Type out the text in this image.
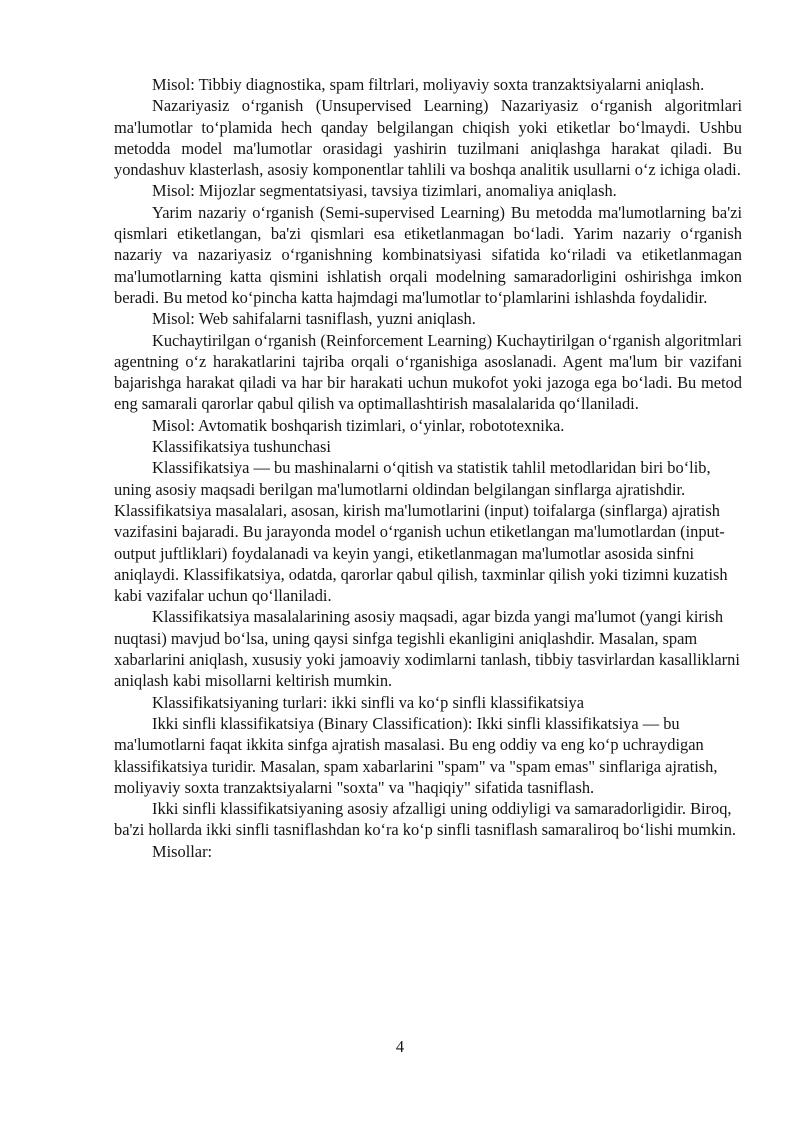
Misol: Tibbiy diagnostika, spam filtrlari, moliyaviy soxta tranzaktsiyalarni aniqlash.

Nazariyasiz o‘rganish (Unsupervised Learning) Nazariyasiz o‘rganish algoritmlari ma'lumotlar to‘plamida hech qanday belgilangan chiqish yoki etiketlar bo‘lmaydi. Ushbu metodda model ma'lumotlar orasidagi yashirin tuzilmani aniqlashga harakat qiladi. Bu yondashuv klasterlash, asosiy komponentlar tahlili va boshqa analitik usullarni o‘z ichiga oladi.

Misol: Mijozlar segmentatsiyasi, tavsiya tizimlari, anomaliya aniqlash.

Yarim nazariy o‘rganish (Semi-supervised Learning) Bu metodda ma'lumotlarning ba'zi qismlari etiketlangan, ba'zi qismlari esa etiketlanmagan bo‘ladi. Yarim nazariy o‘rganish nazariy va nazariyasiz o‘rganishning kombinatsiyasi sifatida ko‘riladi va etiketlanmagan ma'lumotlarning katta qismini ishlatish orqali modelning samaradorligini oshirishga imkon beradi. Bu metod ko‘pincha katta hajmdagi ma'lumotlar to‘plamlarini ishlashda foydalidir.

Misol: Web sahifalarni tasniflash, yuzni aniqlash.

Kuchaytirilgan o‘rganish (Reinforcement Learning) Kuchaytirilgan o‘rganish algoritmlari agentning o‘z harakatlarini tajriba orqali o‘rganishiga asoslanadi. Agent ma'lum bir vazifani bajarishga harakat qiladi va har bir harakati uchun mukofot yoki jazoga ega bo‘ladi. Bu metod eng samarali qarorlar qabul qilish va optimallashtirish masalalarida qo‘llaniladi.

Misol: Avtomatik boshqarish tizimlari, o‘yinlar, robototexnika.

Klassifikatsiya tushunchasi

Klassifikatsiya — bu mashinalarni o‘qitish va statistik tahlil metodlaridan biri bo‘lib, uning asosiy maqsadi berilgan ma'lumotlarni oldindan belgilangan sinflarga ajratishdir. Klassifikatsiya masalalari, asosan, kirish ma'lumotlarini (input) toifalarga (sinflarga) ajratish vazifasini bajaradi. Bu jarayonda model o‘rganish uchun etiketlangan ma'lumotlardan (input-output juftliklari) foydalanadi va keyin yangi, etiketlanmagan ma'lumotlar asosida sinfni aniqlaydi. Klassifikatsiya, odatda, qarorlar qabul qilish, taxminlar qilish yoki tizimni kuzatish kabi vazifalar uchun qo‘llaniladi.

Klassifikatsiya masalalarining asosiy maqsadi, agar bizda yangi ma'lumot (yangi kirish nuqtasi) mavjud bo‘lsa, uning qaysi sinfga tegishli ekanligini aniqlashdir. Masalan, spam xabarlarini aniqlash, xususiy yoki jamoaviy xodimlarni tanlash, tibbiy tasvirlardan kasalliklarni aniqlash kabi misollarni keltirish mumkin.

Klassifikatsiyaning turlari: ikki sinfli va ko‘p sinfli klassifikatsiya

Ikki sinfli klassifikatsiya (Binary Classification): Ikki sinfli klassifikatsiya — bu ma'lumotlarni faqat ikkita sinfga ajratish masalasi. Bu eng oddiy va eng ko‘p uchraydigan klassifikatsiya turidir. Masalan, spam xabarlarini "spam" va "spam emas" sinflariga ajratish, moliyaviy soxta tranzaktsiyalarni "soxta" va "haqiqiy" sifatida tasniflash.

Ikki sinfli klassifikatsiyaning asosiy afzalligi uning oddiyligi va samaradorligidir. Biroq, ba'zi hollarda ikki sinfli tasniflashdan ko‘ra ko‘p sinfli tasniflash samaraliroq bo‘lishi mumkin.

Misollar:

4
